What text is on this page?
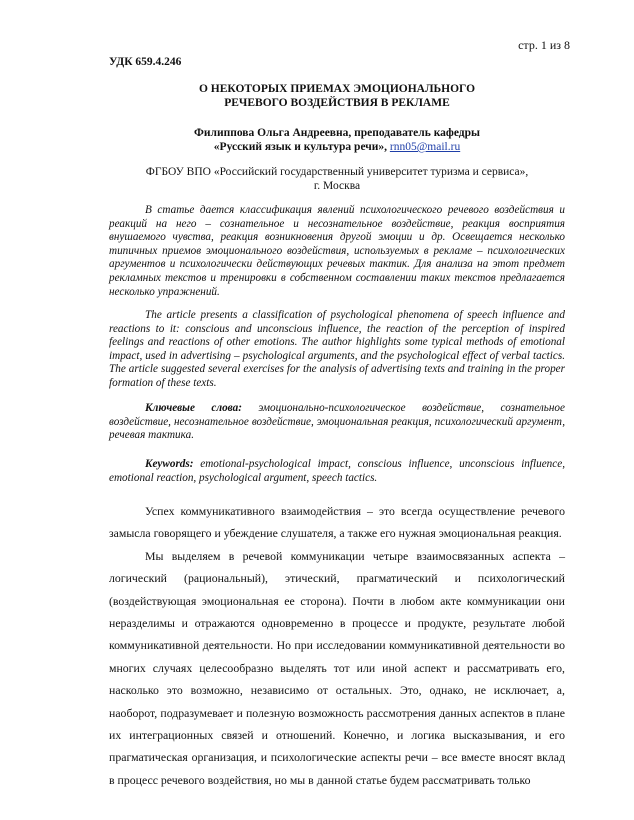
стр. 1 из 8
УДК 659.4.246
О НЕКОТОРЫХ ПРИЕМАХ ЭМОЦИОНАЛЬНОГО
РЕЧЕВОГО ВОЗДЕЙСТВИЯ В РЕКЛАМЕ
Филиппова Ольга Андреевна, преподаватель кафедры
«Русский язык и культура речи», rnn05@mail.ru
ФГБОУ ВПО «Российский государственный университет туризма и сервиса»,
г. Москва
В статье дается классификация явлений психологического речевого воздействия и реакций на него – сознательное и несознательное воздействие, реакция восприятия внушаемого чувства, реакция возникновения другой эмоции и др. Освещается несколько типичных приемов эмоционального воздействия, используемых в рекламе – психологических аргументов и психологически действующих речевых тактик. Для анализа на этот предмет рекламных текстов и тренировки в собственном составлении таких текстов предлагается несколько упражнений.
The article presents a classification of psychological phenomena of speech influence and reactions to it: conscious and unconscious influence, the reaction of the perception of inspired feelings and reactions of other emotions. The author highlights some typical methods of emotional impact, used in advertising – psychological arguments, and the psychological effect of verbal tactics. The article suggested several exercises for the analysis of advertising texts and training in the proper formation of these texts.
Ключевые слова: эмоционально-психологическое воздействие, сознательное воздействие, несознательное воздействие, эмоциональная реакция, психологический аргумент, речевая тактика.
Keywords: emotional-psychological impact, conscious influence, unconscious influence, emotional reaction, psychological argument, speech tactics.

Успех коммуникативного взаимодействия – это всегда осуществление речевого замысла говорящего и убеждение слушателя, а также его нужная эмоциональная реакция.

Мы выделяем в речевой коммуникации четыре взаимосвязанных аспекта – логический (рациональный), этический, прагматический и психологический (воздействующая эмоциональная ее сторона). Почти в любом акте коммуникации они неразделимы и отражаются одновременно в процессе и продукте, результате любой коммуникативной деятельности. Но при исследовании коммуникативной деятельности во многих случаях целесообразно выделять тот или иной аспект и рассматривать его, насколько это возможно, независимо от остальных. Это, однако, не исключает, а, наоборот, подразумевает и полезную возможность рассмотрения данных аспектов в плане их интеграционных связей и отношений. Конечно, и логика высказывания, и его прагматическая организация, и психологические аспекты речи – все вместе вносят вклад в процесс речевого воздействия, но мы в данной статье будем рассматривать только
